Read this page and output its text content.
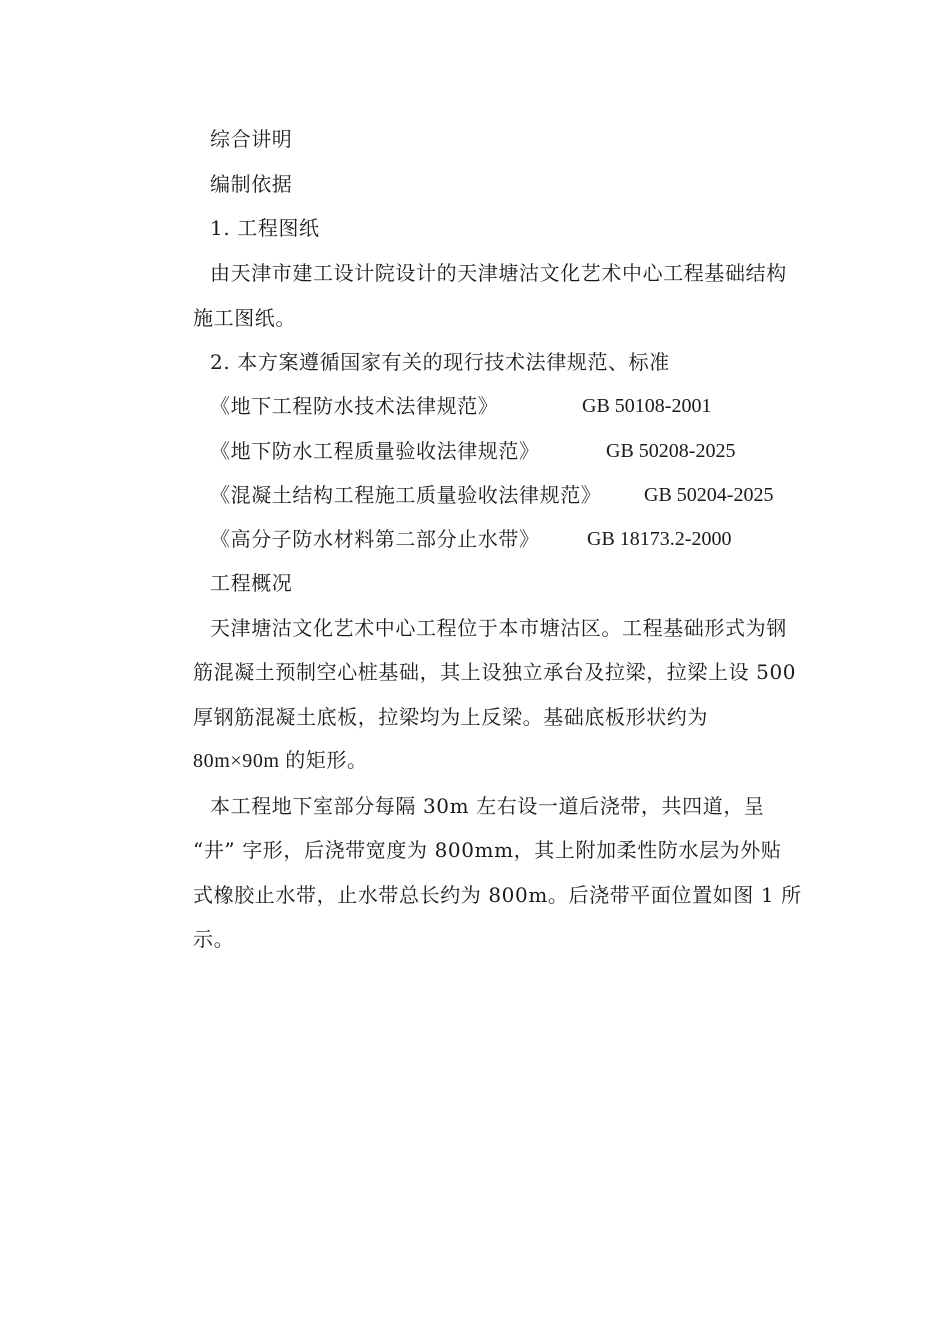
综合讲明
编制依据
1. 工程图纸
由天津市建工设计院设计的天津塘沽文化艺术中心工程基础结构
施工图纸。
2. 本方案遵循国家有关的现行技术法律规范、标准
《地下工程防水技术法律规范》	GB 50108-2001
《地下防水工程质量验收法律规范》	GB 50208-2025
《混凝土结构工程施工质量验收法律规范》 GB 50204-2025
《高分子防水材料第二部分止水带》 GB 18173.2-2000
工程概况
天津塘沽文化艺术中心工程位于本市塘沽区。工程基础形式为钢
筋混凝土预制空心桩基础，其上设独立承台及拉梁，拉梁上设 500
厚钢筋混凝土底板，拉梁均为上反梁。基础底板形状约为
80m×90m 的矩形。
本工程地下室部分每隔 30m 左右设一道后浇带，共四道，呈
“井” 字形，后浇带宽度为 800mm，其上附加柔性防水层为外贴
式橡胶止水带，止水带总长约为 800m。后浇带平面位置如图 1 所
示。
